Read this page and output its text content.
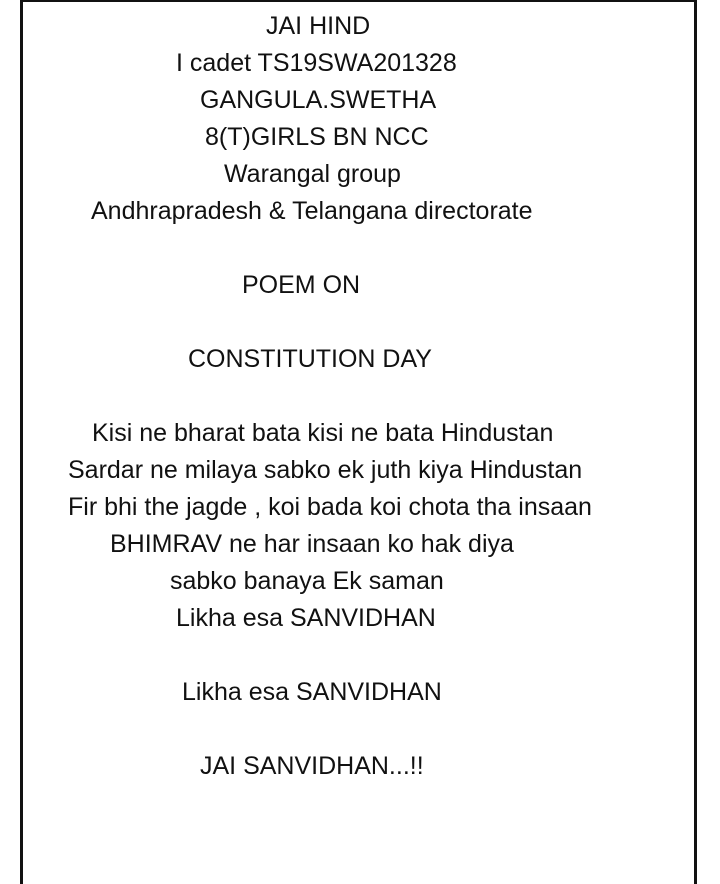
JAI HIND
I cadet TS19SWA201328
GANGULA.SWETHA
8(T)GIRLS BN NCC
Warangal group
Andhrapradesh & Telangana directorate
POEM ON
CONSTITUTION DAY
Kisi ne bharat bata kisi ne bata Hindustan
Sardar ne milaya sabko ek juth kiya Hindustan
Fir bhi the jagde , koi bada koi chota tha insaan
BHIMRAV ne har insaan ko hak diya
sabko banaya Ek saman
Likha esa SANVIDHAN
Likha esa SANVIDHAN
JAI SANVIDHAN...!!
